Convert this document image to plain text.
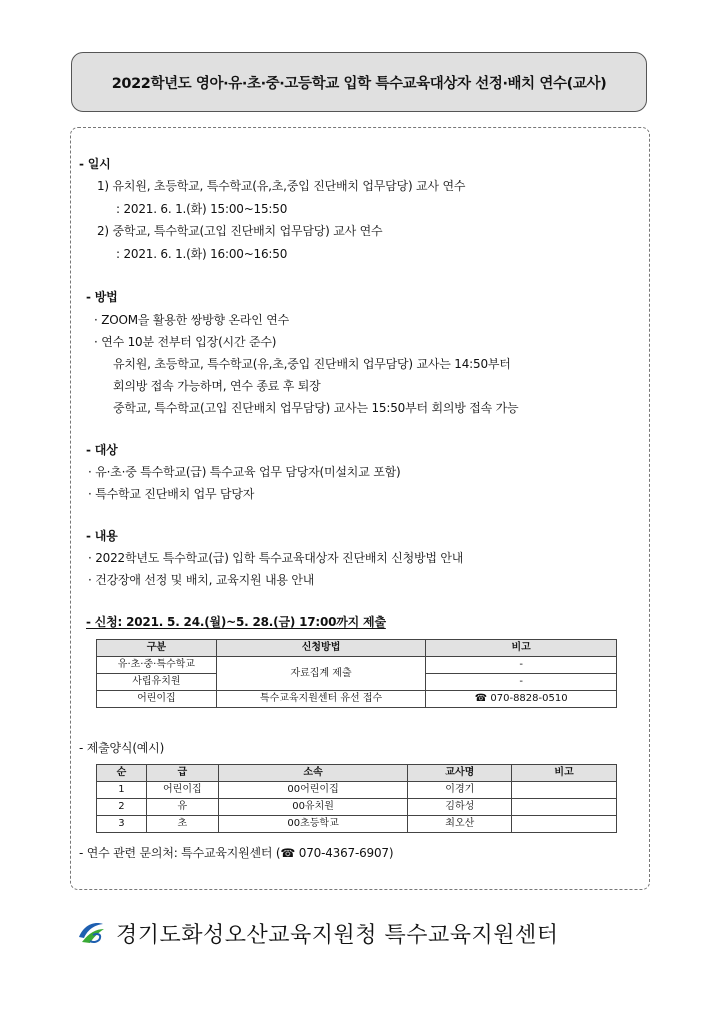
2022학년도 영아·유·초·중·고등학교 입학 특수교육대상자 선정·배치 연수(교사)
- 일시
1) 유치원, 초등학교, 특수학교(유,초,중입 진단배치 업무담당) 교사 연수
: 2021. 6. 1.(화) 15:00~15:50
2) 중학교, 특수학교(고입 진단배치 업무담당) 교사 연수
: 2021. 6. 1.(화) 16:00~16:50
- 방법
· ZOOM을 활용한 쌍방향 온라인 연수
· 연수 10분 전부터 입장(시간 준수)
유치원, 초등학교, 특수학교(유,초,중입 진단배치 업무담당) 교사는 14:50부터
회의방 접속 가능하며, 연수 종료 후 퇴장
중학교, 특수학교(고입 진단배치 업무담당) 교사는 15:50부터 회의방 접속 가능
- 대상
· 유·초·중 특수학교(급) 특수교육 업무 담당자(미설치교 포함)
· 특수학교 진단배치 업무 담당자
- 내용
· 2022학년도 특수학교(급) 입학 특수교육대상자 진단배치 신청방법 안내
· 건강장애 선정 및 배치, 교육지원 내용 안내
- 신청: 2021. 5. 24.(월)~5. 28.(금) 17:00까지 제출
구분	신청방법	비고
유·초·중·특수학교	자료집계 제출	-
사립유치원		-
어린이집	특수교육지원센터 유선 접수	☎ 070-8828-0510
- 제출양식(예시)
순	급	소속	교사명	비고
1	어린이집	00어린이집	이경기	
2	유	00유치원	김하성	
3	초	00초등학교	최오산	
- 연수 관련 문의처: 특수교육지원센터 (☎ 070-4367-6907)
경기도화성오산교육지원청 특수교육지원센터
